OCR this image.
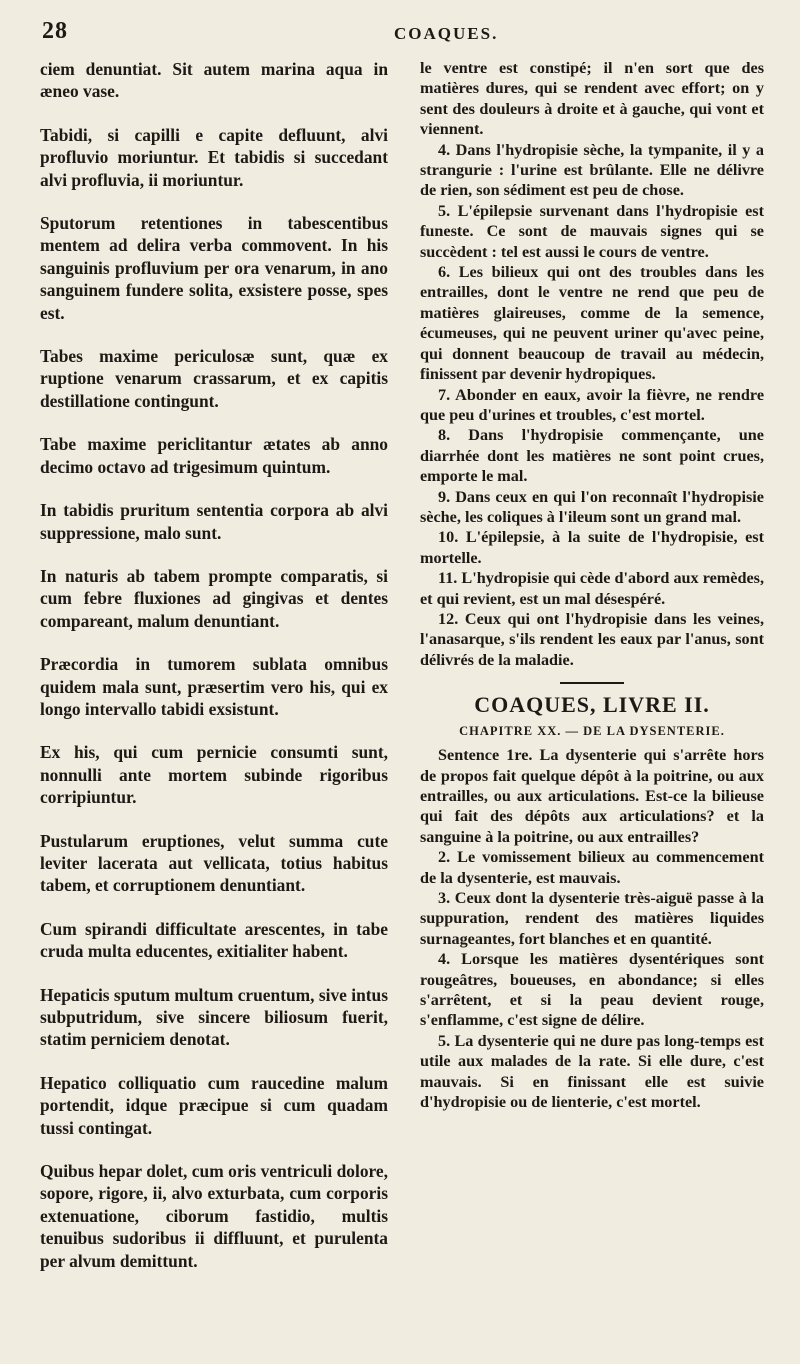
28	COAQUES.

ciem denuntiat. Sit autem marina aqua in æneo vase.

Tabidi, si capilli e capite defluunt, alvi profluvio moriuntur. Et tabidis si succedant alvi profluvia, ii moriuntur.

Sputorum retentiones in tabescentibus mentem ad delira verba commovent. In his sanguinis profluvium per ora venarum, in ano sanguinem fundere solita, exsistere posse, spes est.

Tabes maxime periculosæ sunt, quæ ex ruptione venarum crassarum, et ex capitis destillatione contingunt.

Tabe maxime periclitantur ætates ab anno decimo octavo ad trigesimum quintum.

In tabidis pruritum sententia corpora ab alvi suppressione, malo sunt.

In naturis ab tabem prompte comparatis, si cum febre fluxiones ad gingivas et dentes compareant, malum denuntiant.

Præcordia in tumorem sublata omnibus quidem mala sunt, præsertim vero his, qui ex longo intervallo tabidi exsistunt.

Ex his, qui cum pernicie consumti sunt, nonnulli ante mortem subinde rigoribus corripiuntur.

Pustularum eruptiones, velut summa cute leviter lacerata aut vellicata, totius habitus tabem, et corruptionem denuntiant.

Cum spirandi difficultate arescentes, in tabe cruda multa educentes, exitialiter habent.

Hepaticis sputum multum cruentum, sive intus subputridum, sive sincere biliosum fuerit, statim perniciem denotat.

Hepatico colliquatio cum raucedine malum portendit, idque præcipue si cum quadam tussi contingat.

Quibus hepar dolet, cum oris ventriculi dolore, sopore, rigore, ii, alvo exturbata, cum corporis extenuatione, ciborum fastidio, multis tenuibus sudoribus ii diffluunt, et purulenta per alvum demittunt.

le ventre est constipé; il n'en sort que des matières dures, qui se rendent avec effort; on y sent des douleurs à droite et à gauche, qui vont et viennent.

4. Dans l'hydropisie sèche, la tympanite, il y a strangurie : l'urine est brûlante. Elle ne délivre de rien, son sédiment est peu de chose.

5. L'épilepsie survenant dans l'hydropisie est funeste. Ce sont de mauvais signes qui se succèdent : tel est aussi le cours de ventre.

6. Les bilieux qui ont des troubles dans les entrailles, dont le ventre ne rend que peu de matières glaireuses, comme de la semence, écumeuses, qui ne peuvent uriner qu'avec peine, qui donnent beaucoup de travail au médecin, finissent par devenir hydropiques.

7. Abonder en eaux, avoir la fièvre, ne rendre que peu d'urines et troubles, c'est mortel.

8. Dans l'hydropisie commençante, une diarrhée dont les matières ne sont point crues, emporte le mal.

9. Dans ceux en qui l'on reconnaît l'hydropisie sèche, les coliques à l'ileum sont un grand mal.

10. L'épilepsie, à la suite de l'hydropisie, est mortelle.

11. L'hydropisie qui cède d'abord aux remèdes, et qui revient, est un mal désespéré.

12. Ceux qui ont l'hydropisie dans les veines, l'anasarque, s'ils rendent les eaux par l'anus, sont délivrés de la maladie.

COAQUES, LIVRE II.
CHAPITRE XX. — DE LA DYSENTERIE.

Sentence 1re. La dysenterie qui s'arrête hors de propos fait quelque dépôt à la poitrine, ou aux entrailles, ou aux articulations. Est-ce la bilieuse qui fait des dépôts aux articulations? et la sanguine à la poitrine, ou aux entrailles?

2. Le vomissement bilieux au commencement de la dysenterie, est mauvais.

3. Ceux dont la dysenterie très-aiguë passe à la suppuration, rendent des matières liquides surnageantes, fort blanches et en quantité.

4. Lorsque les matières dysentériques sont rougeâtres, boueuses, en abondance; si elles s'arrêtent, et si la peau devient rouge, s'enflamme, c'est signe de délire.

5. La dysenterie qui ne dure pas long-temps est utile aux malades de la rate. Si elle dure, c'est mauvais. Si en finissant elle est suivie d'hydropisie ou de lienterie, c'est mortel.
